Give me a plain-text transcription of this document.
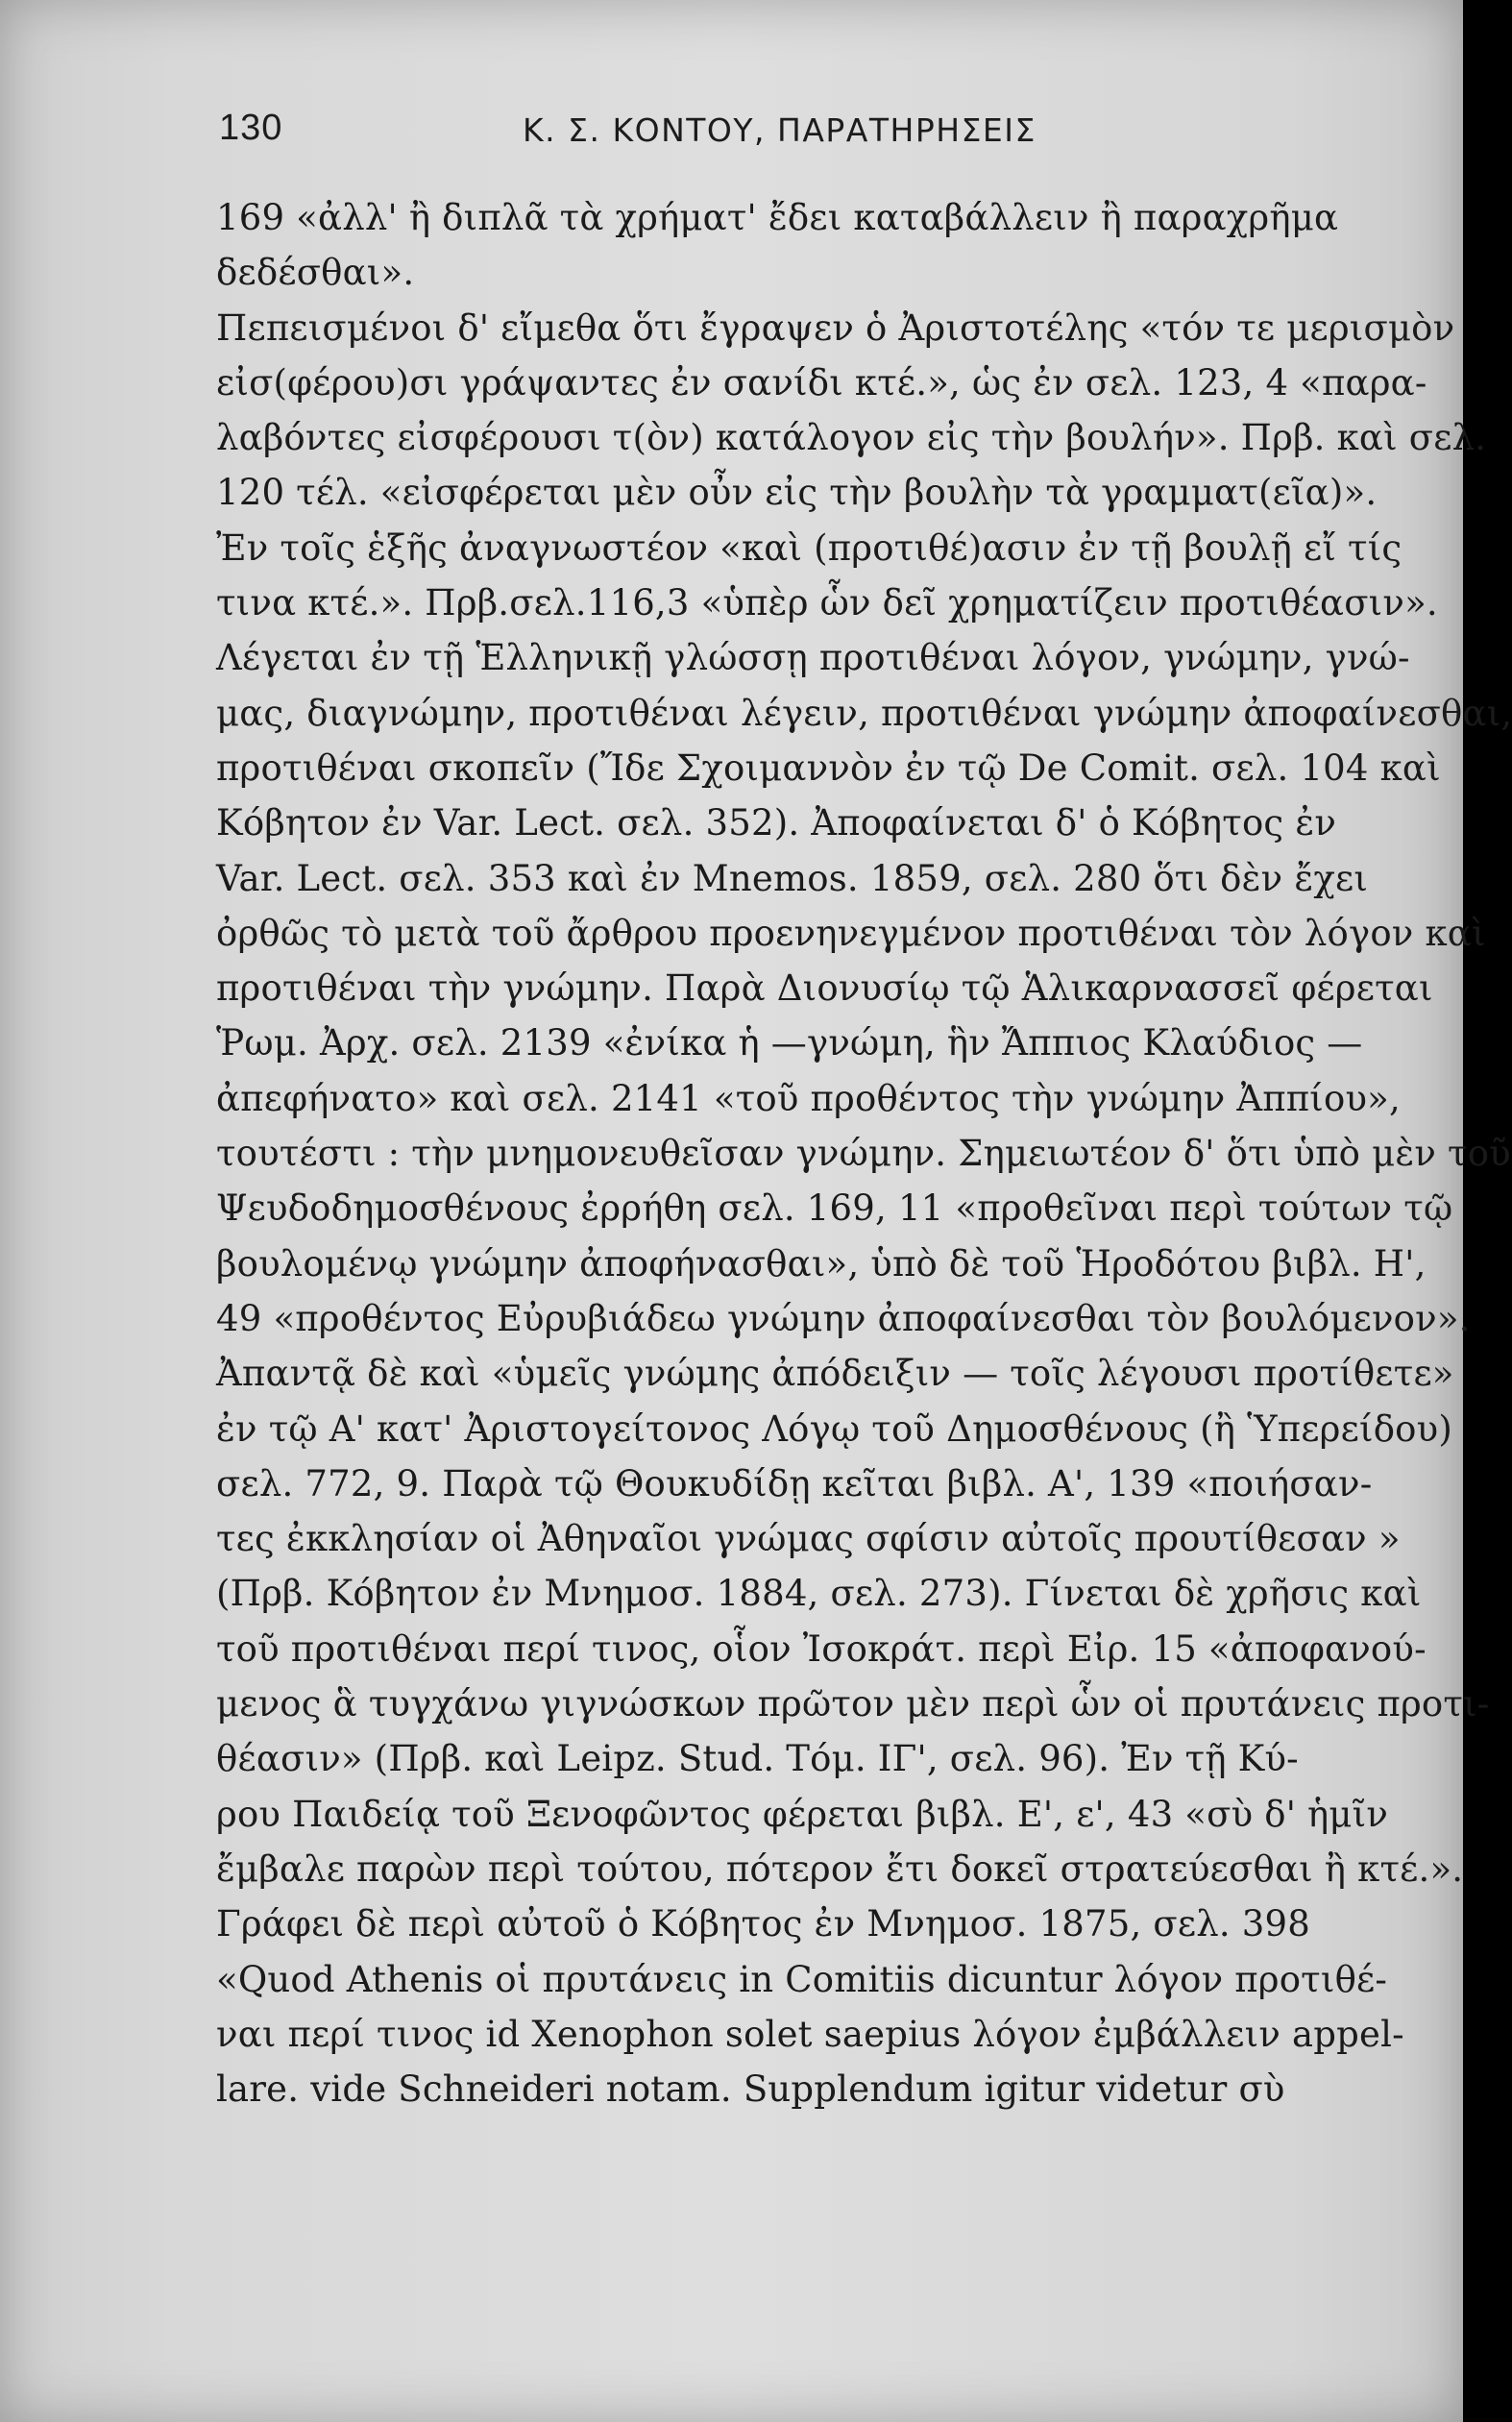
130	Κ. Σ. ΚΟΝΤΟΥ, ΠΑΡΑΤΗΡΗΣΕΙΣ
169 «ἀλλ' ἢ διπλᾶ τὰ χρήματ' ἔδει καταβάλλειν ἢ παραχρῆμα
δεδέσθαι».
Πεπεισμένοι δ' εἴμεθα ὅτι ἔγραψεν ὁ Ἀριστοτέλης «τόν τε μερισμὸν
εἰσ(φέρου)σι γράψαντες ἐν σανίδι κτέ.», ὡς ἐν σελ. 123, 4 «παρα-
λαβόντες εἰσφέρουσι τ(ὸν) κατάλογον εἰς τὴν βουλήν». Πρβ. καὶ σελ.
120 τέλ. «εἰσφέρεται μὲν οὖν εἰς τὴν βουλὴν τὰ γραμματ(εῖα)».
Ἐν τοῖς ἑξῆς ἀναγνωστέον «καὶ (προτιθέ)ασιν ἐν τῇ βουλῇ εἴ τίς
τινα κτέ.». Πρβ.σελ.116,3 «ὑπὲρ ὧν δεῖ χρηματίζειν προτιθέασιν».
Λέγεται ἐν τῇ Ἑλληνικῇ γλώσσῃ προτιθέναι λόγον, γνώμην, γνώ-
μας, διαγνώμην, προτιθέναι λέγειν, προτιθέναι γνώμην ἀποφαίνεσθαι,
προτιθέναι σκοπεῖν (Ἴδε Σχοιμαννὸν ἐν τῷ De Comit. σελ. 104 καὶ
Κόβητον ἐν Var. Lect. σελ. 352). Ἀποφαίνεται δ' ὁ Κόβητος ἐν
Var. Lect. σελ. 353 καὶ ἐν Mnemos. 1859, σελ. 280 ὅτι δὲν ἔχει
ὀρθῶς τὸ μετὰ τοῦ ἄρθρου προενηνεγμένον προτιθέναι τὸν λόγον καὶ
προτιθέναι τὴν γνώμην. Παρὰ Διονυσίῳ τῷ Ἁλικαρνασσεῖ φέρεται
Ῥωμ. Ἀρχ. σελ. 2139 «ἐνίκα ἡ —γνώμη, ἣν Ἄππιος Κλαύδιος —
ἀπεφήνατο» καὶ σελ. 2141 «τοῦ προθέντος τὴν γνώμην Ἀππίου»,
τουτέστι : τὴν μνημονευθεῖσαν γνώμην. Σημειωτέον δ' ὅτι ὑπὸ μὲν τοῦ
Ψευδοδημοσθένους ἐρρήθη σελ. 169, 11 «προθεῖναι περὶ τούτων τῷ
βουλομένῳ γνώμην ἀποφήνασθαι», ὑπὸ δὲ τοῦ Ἡροδότου βιβλ. Η',
49 «προθέντος Εὐρυβιάδεω γνώμην ἀποφαίνεσθαι τὸν βουλόμενον».
Ἀπαντᾷ δὲ καὶ «ὑμεῖς γνώμης ἀπόδειξιν — τοῖς λέγουσι προτίθετε»
ἐν τῷ Α' κατ' Ἀριστογείτονος Λόγῳ τοῦ Δημοσθένους (ἢ Ὑπερείδου)
σελ. 772, 9. Παρὰ τῷ Θουκυδίδῃ κεῖται βιβλ. Α', 139 «ποιήσαν-
τες ἐκκλησίαν οἱ Ἀθηναῖοι γνώμας σφίσιν αὐτοῖς προυτίθεσαν »
(Πρβ. Κόβητον ἐν Μνημοσ. 1884, σελ. 273). Γίνεται δὲ χρῆσις καὶ
τοῦ προτιθέναι περί τινος, οἷον Ἰσοκράτ. περὶ Εἰρ. 15 «ἀποφανού-
μενος ἃ τυγχάνω γιγνώσκων πρῶτον μὲν περὶ ὧν οἱ πρυτάνεις προτι-
θέασιν» (Πρβ. καὶ Leipz. Stud. Τόμ. ΙΓ', σελ. 96). Ἐν τῇ Κύ-
ρου Παιδείᾳ τοῦ Ξενοφῶντος φέρεται βιβλ. Ε', ε', 43 «σὺ δ' ἡμῖν
ἔμβαλε παρὼν περὶ τούτου, πότερον ἔτι δοκεῖ στρατεύεσθαι ἢ κτέ.».
Γράφει δὲ περὶ αὐτοῦ ὁ Κόβητος ἐν Μνημοσ. 1875, σελ. 398
«Quod Athenis οἱ πρυτάνεις in Comitiis dicuntur λόγον προτιθέ-
ναι περί τινος id Xenophon solet saepius λόγον ἐμβάλλειν appel-
lare. vide Schneideri notam. Supplendum igitur videtur σὺ
